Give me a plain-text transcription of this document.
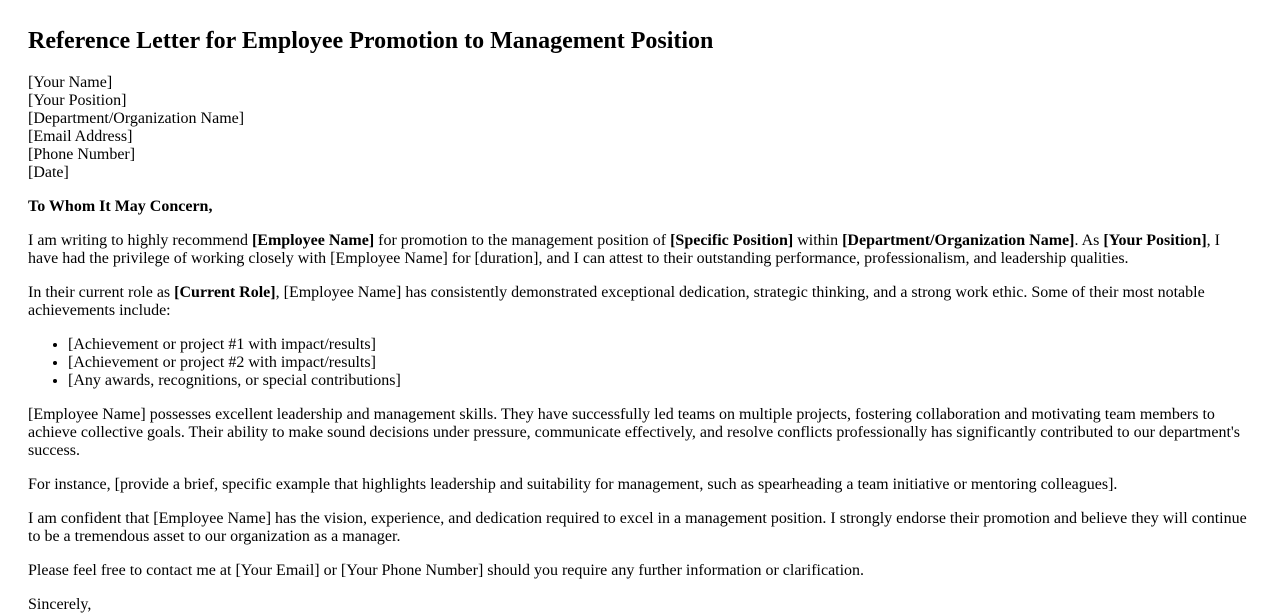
Reference Letter for Employee Promotion to Management Position
[Your Name]
[Your Position]
[Department/Organization Name]
[Email Address]
[Phone Number]
[Date]

To Whom It May Concern,

I am writing to highly recommend [Employee Name] for promotion to the management position of [Specific Position] within [Department/Organization Name]. As [Your Position], I have had the privilege of working closely with [Employee Name] for [duration], and I can attest to their outstanding performance, professionalism, and leadership qualities.

In their current role as [Current Role], [Employee Name] has consistently demonstrated exceptional dedication, strategic thinking, and a strong work ethic. Some of their most notable achievements include:

• [Achievement or project #1 with impact/results]
• [Achievement or project #2 with impact/results]
• [Any awards, recognitions, or special contributions]

[Employee Name] possesses excellent leadership and management skills. They have successfully led teams on multiple projects, fostering collaboration and motivating team members to achieve collective goals. Their ability to make sound decisions under pressure, communicate effectively, and resolve conflicts professionally has significantly contributed to our department's success.

For instance, [provide a brief, specific example that highlights leadership and suitability for management, such as spearheading a team initiative or mentoring colleagues].

I am confident that [Employee Name] has the vision, experience, and dedication required to excel in a management position. I strongly endorse their promotion and believe they will continue to be a tremendous asset to our organization as a manager.

Please feel free to contact me at [Your Email] or [Your Phone Number] should you require any further information or clarification.

Sincerely,
